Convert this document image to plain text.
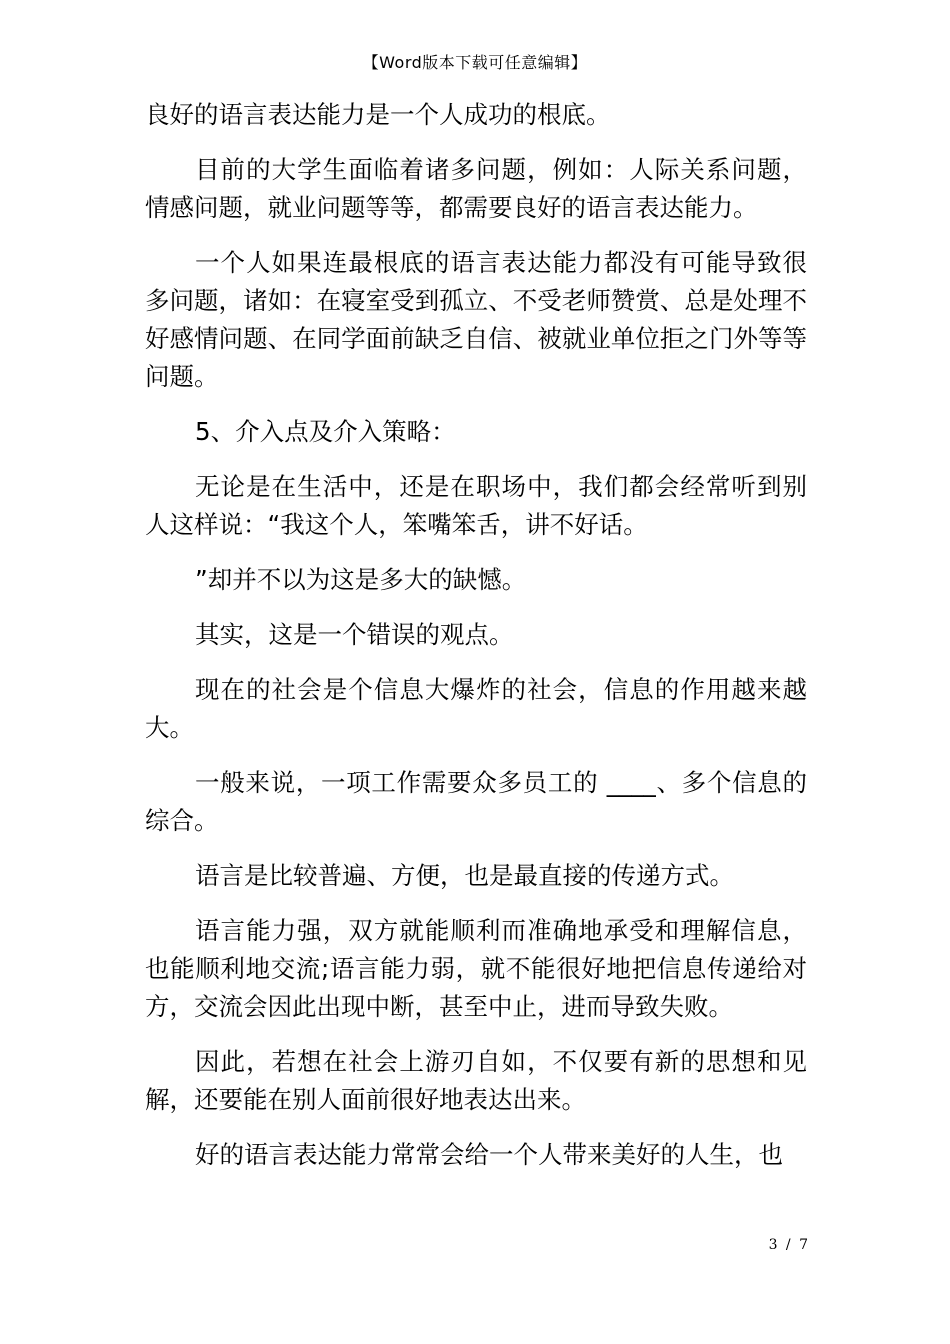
【Word版本下载可任意编辑】

良好的语言表达能力是一个人成功的根底。

目前的大学生面临着诸多问题，例如：人际关系问题，情感问题，就业问题等等，都需要良好的语言表达能力。

一个人如果连最根底的语言表达能力都没有可能导致很多问题，诸如：在寝室受到孤立、不受老师赞赏、总是处理不好感情问题、在同学面前缺乏自信、被就业单位拒之门外等等问题。

5、介入点及介入策略：

无论是在生活中，还是在职场中，我们都会经常听到别人这样说：“我这个人，笨嘴笨舌，讲不好话。

”却并不以为这是多大的缺憾。

其实，这是一个错误的观点。

现在的社会是个信息大爆炸的社会，信息的作用越来越大。

一般来说，一项工作需要众多员工的 ____、多个信息的综合。

语言是比较普遍、方便，也是最直接的传递方式。

语言能力强，双方就能顺利而准确地承受和理解信息，也能顺利地交流;语言能力弱，就不能很好地把信息传递给对方，交流会因此出现中断，甚至中止，进而导致失败。

因此，若想在社会上游刃自如，不仅要有新的思想和见解，还要能在别人面前很好地表达出来。

好的语言表达能力常常会给一个人带来美好的人生，也

3 / 7
